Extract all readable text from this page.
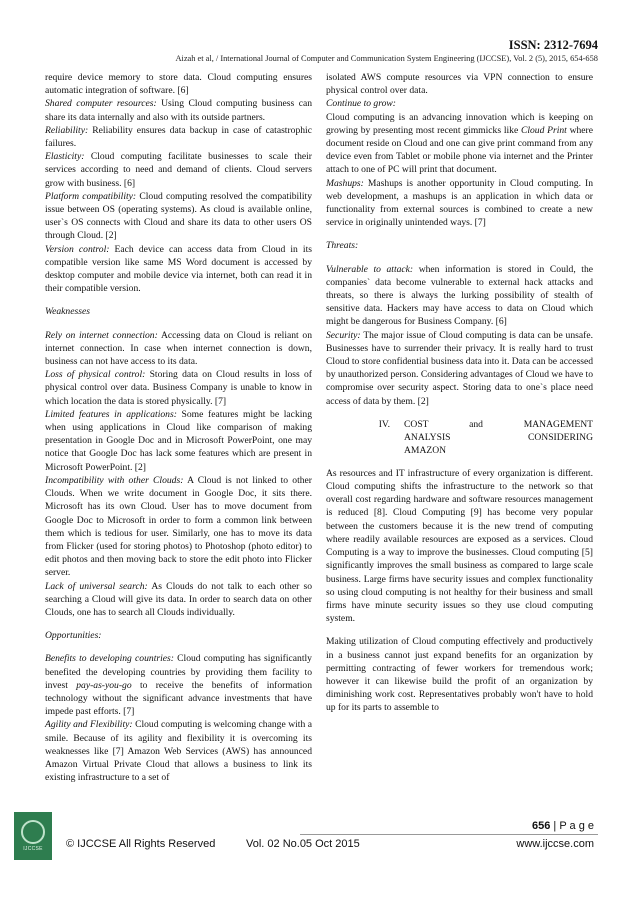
ISSN: 2312-7694
Aizah et al, / International Journal of Computer and Communication System Engineering (IJCCSE), Vol. 2 (5), 2015, 654-658

require device memory to store data. Cloud computing ensures automatic integration of software. [6]

Shared computer resources: Using Cloud computing business can share its data internally and also with its outside partners.

Reliability: Reliability ensures data backup in case of catastrophic failures.

Elasticity: Cloud computing facilitate businesses to scale their services according to need and demand of clients. Cloud servers grow with business. [6]

Platform compatibility: Cloud computing resolved the compatibility issue between OS (operating systems). As cloud is available online, user`s OS connects with Cloud and share its data to other users OS through Cloud. [2]

Version control: Each device can access data from Cloud in its compatible version like same MS Word document is accessed by desktop computer and mobile device via internet, both can read it in their compatible version.

Weaknesses

Rely on internet connection: Accessing data on Cloud is reliant on internet connection. In case when internet connection is down, business can not have access to its data.

Loss of physical control: Storing data on Cloud results in loss of physical control over data. Business Company is unable to know in which location the data is stored physically. [7]

Limited features in applications: Some features might be lacking when using applications in Cloud like comparison of making presentation in Google Doc and in Microsoft PowerPoint, one may notice that Google Doc has lack some features which are present in Microsoft PowerPoint. [2]

Incompatibility with other Clouds: A Cloud is not linked to other Clouds. When we write document in Google Doc, it sits there. Microsoft has its own Cloud. User has to move document from Google Doc to Microsoft in order to form a common link between them which is tedious for user. Similarly, one has to move its data from Flicker (used for storing photos) to Photoshop (photo editor) to edit photos and then moving back to store the edit photo into Flicker server.

Lack of universal search: As Clouds do not talk to each other so searching a Cloud will give its data. In order to search data on other Clouds, one has to search all Clouds individually.

Opportunities:

Benefits to developing countries: Cloud computing has significantly benefited the developing countries by providing them facility to invest pay-as-you-go to receive the benefits of information technology without the significant advance investments that have impede past efforts. [7]

Agility and Flexibility: Cloud computing is welcoming change with a smile. Because of its agility and flexibility it is overcoming its weaknesses like [7] Amazon Web Services (AWS) has announced Amazon Virtual Private Cloud that allows a business to link its existing infrastructure to a set of

isolated AWS compute resources via VPN connection to ensure physical control over data.

Continue to grow:

Cloud computing is an advancing innovation which is keeping on growing by presenting most recent gimmicks like Cloud Print where document reside on Cloud and one can give print command from any device even from Tablet or mobile phone via internet and the Printer attach to one of PC will print that document.

Mashups: Mashups is another opportunity in Cloud computing. In web development, a mashups is an application in which data or functionality from external sources is combined to create a new service in originally unintended ways. [7]

Threats:

Vulnerable to attack: when information is stored in Could, the companies` data become vulnerable to external hack attacks and threats, so there is always the lurking possibility of stealth of sensitive data. Hackers may have access to data on Cloud which might be dangerous for Business Company. [6]

Security: The major issue of Cloud computing is data can be unsafe. Businesses have to surrender their privacy. It is really hard to trust Cloud to store confidential business data into it. Data can be accessed by unauthorized person. Considering advantages of Cloud we have to compromise over security aspect. Storing data to one`s place need access of data by them. [2]

IV.	COST and MANAGEMENT
ANALYSIS CONSIDERING
AMAZON

As resources and IT infrastructure of every organization is different. Cloud computing shifts the infrastructure to the network so that overall cost regarding hardware and software resources management is reduced [8]. Cloud Computing [9] has become very popular between the customers because it is the new trend of computing where readily available resources are exposed as a services. Cloud Computing is a way to improve the businesses. Cloud computing [5] significantly improves the small business as compared to large scale business. Large firms have security issues and complex functionality so using cloud computing is not healthy for their business and small firms have minute security issues so they use cloud computing system.

Making utilization of Cloud computing effectively and productively in a business cannot just expand benefits for an organization by permitting contracting of fewer workers for tremendous work; however it can likewise build the profit of an organization by diminishing work cost. Representatives probably won't have to hold up for its parts to assemble to

IJCCSE
656 | P a g e
© IJCCSE All Rights Reserved	Vol. 02 No.05 Oct 2015	www.ijccse.com
